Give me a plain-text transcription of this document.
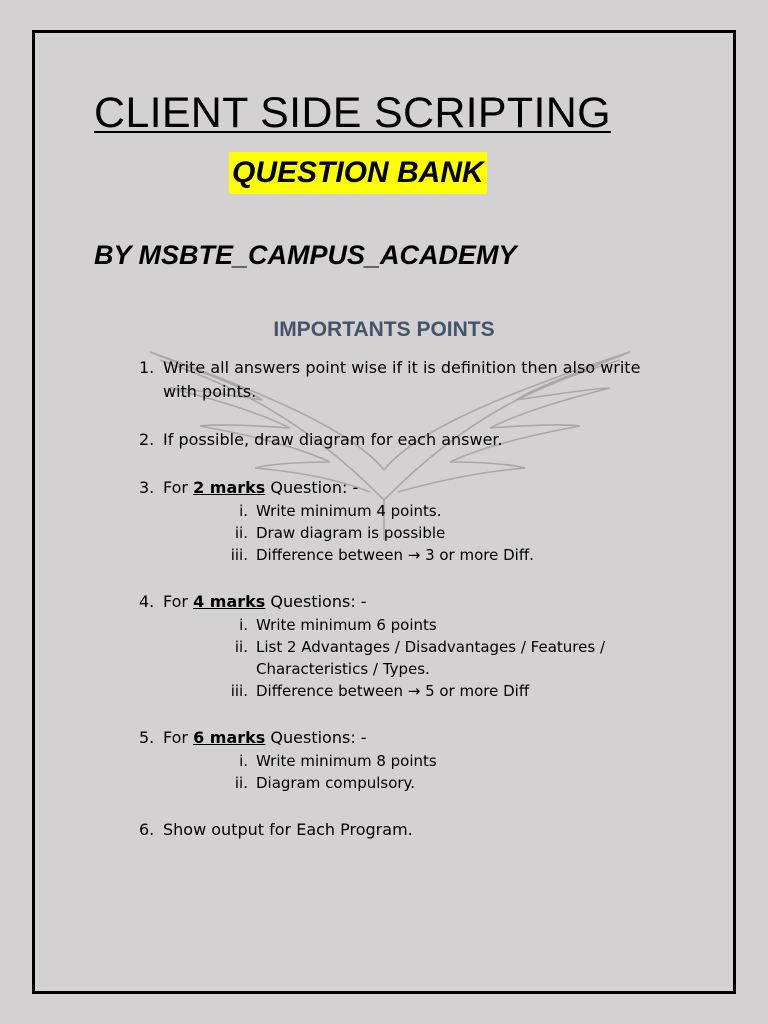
CLIENT SIDE SCRIPTING
QUESTION BANK
BY MSBTE_CAMPUS_ACADEMY
IMPORTANTS POINTS
1. Write all answers point wise if it is definition then also write with points.
2. If possible, draw diagram for each answer.
3. For 2 marks Question: -
i. Write minimum 4 points.
ii. Draw diagram is possible
iii. Difference between → 3 or more Diff.
4. For 4 marks Questions: -
i. Write minimum 6 points
ii. List 2 Advantages / Disadvantages / Features / Characteristics / Types.
iii. Difference between → 5 or more Diff
5. For 6 marks Questions: -
i. Write minimum 8 points
ii. Diagram compulsory.
6. Show output for Each Program.
